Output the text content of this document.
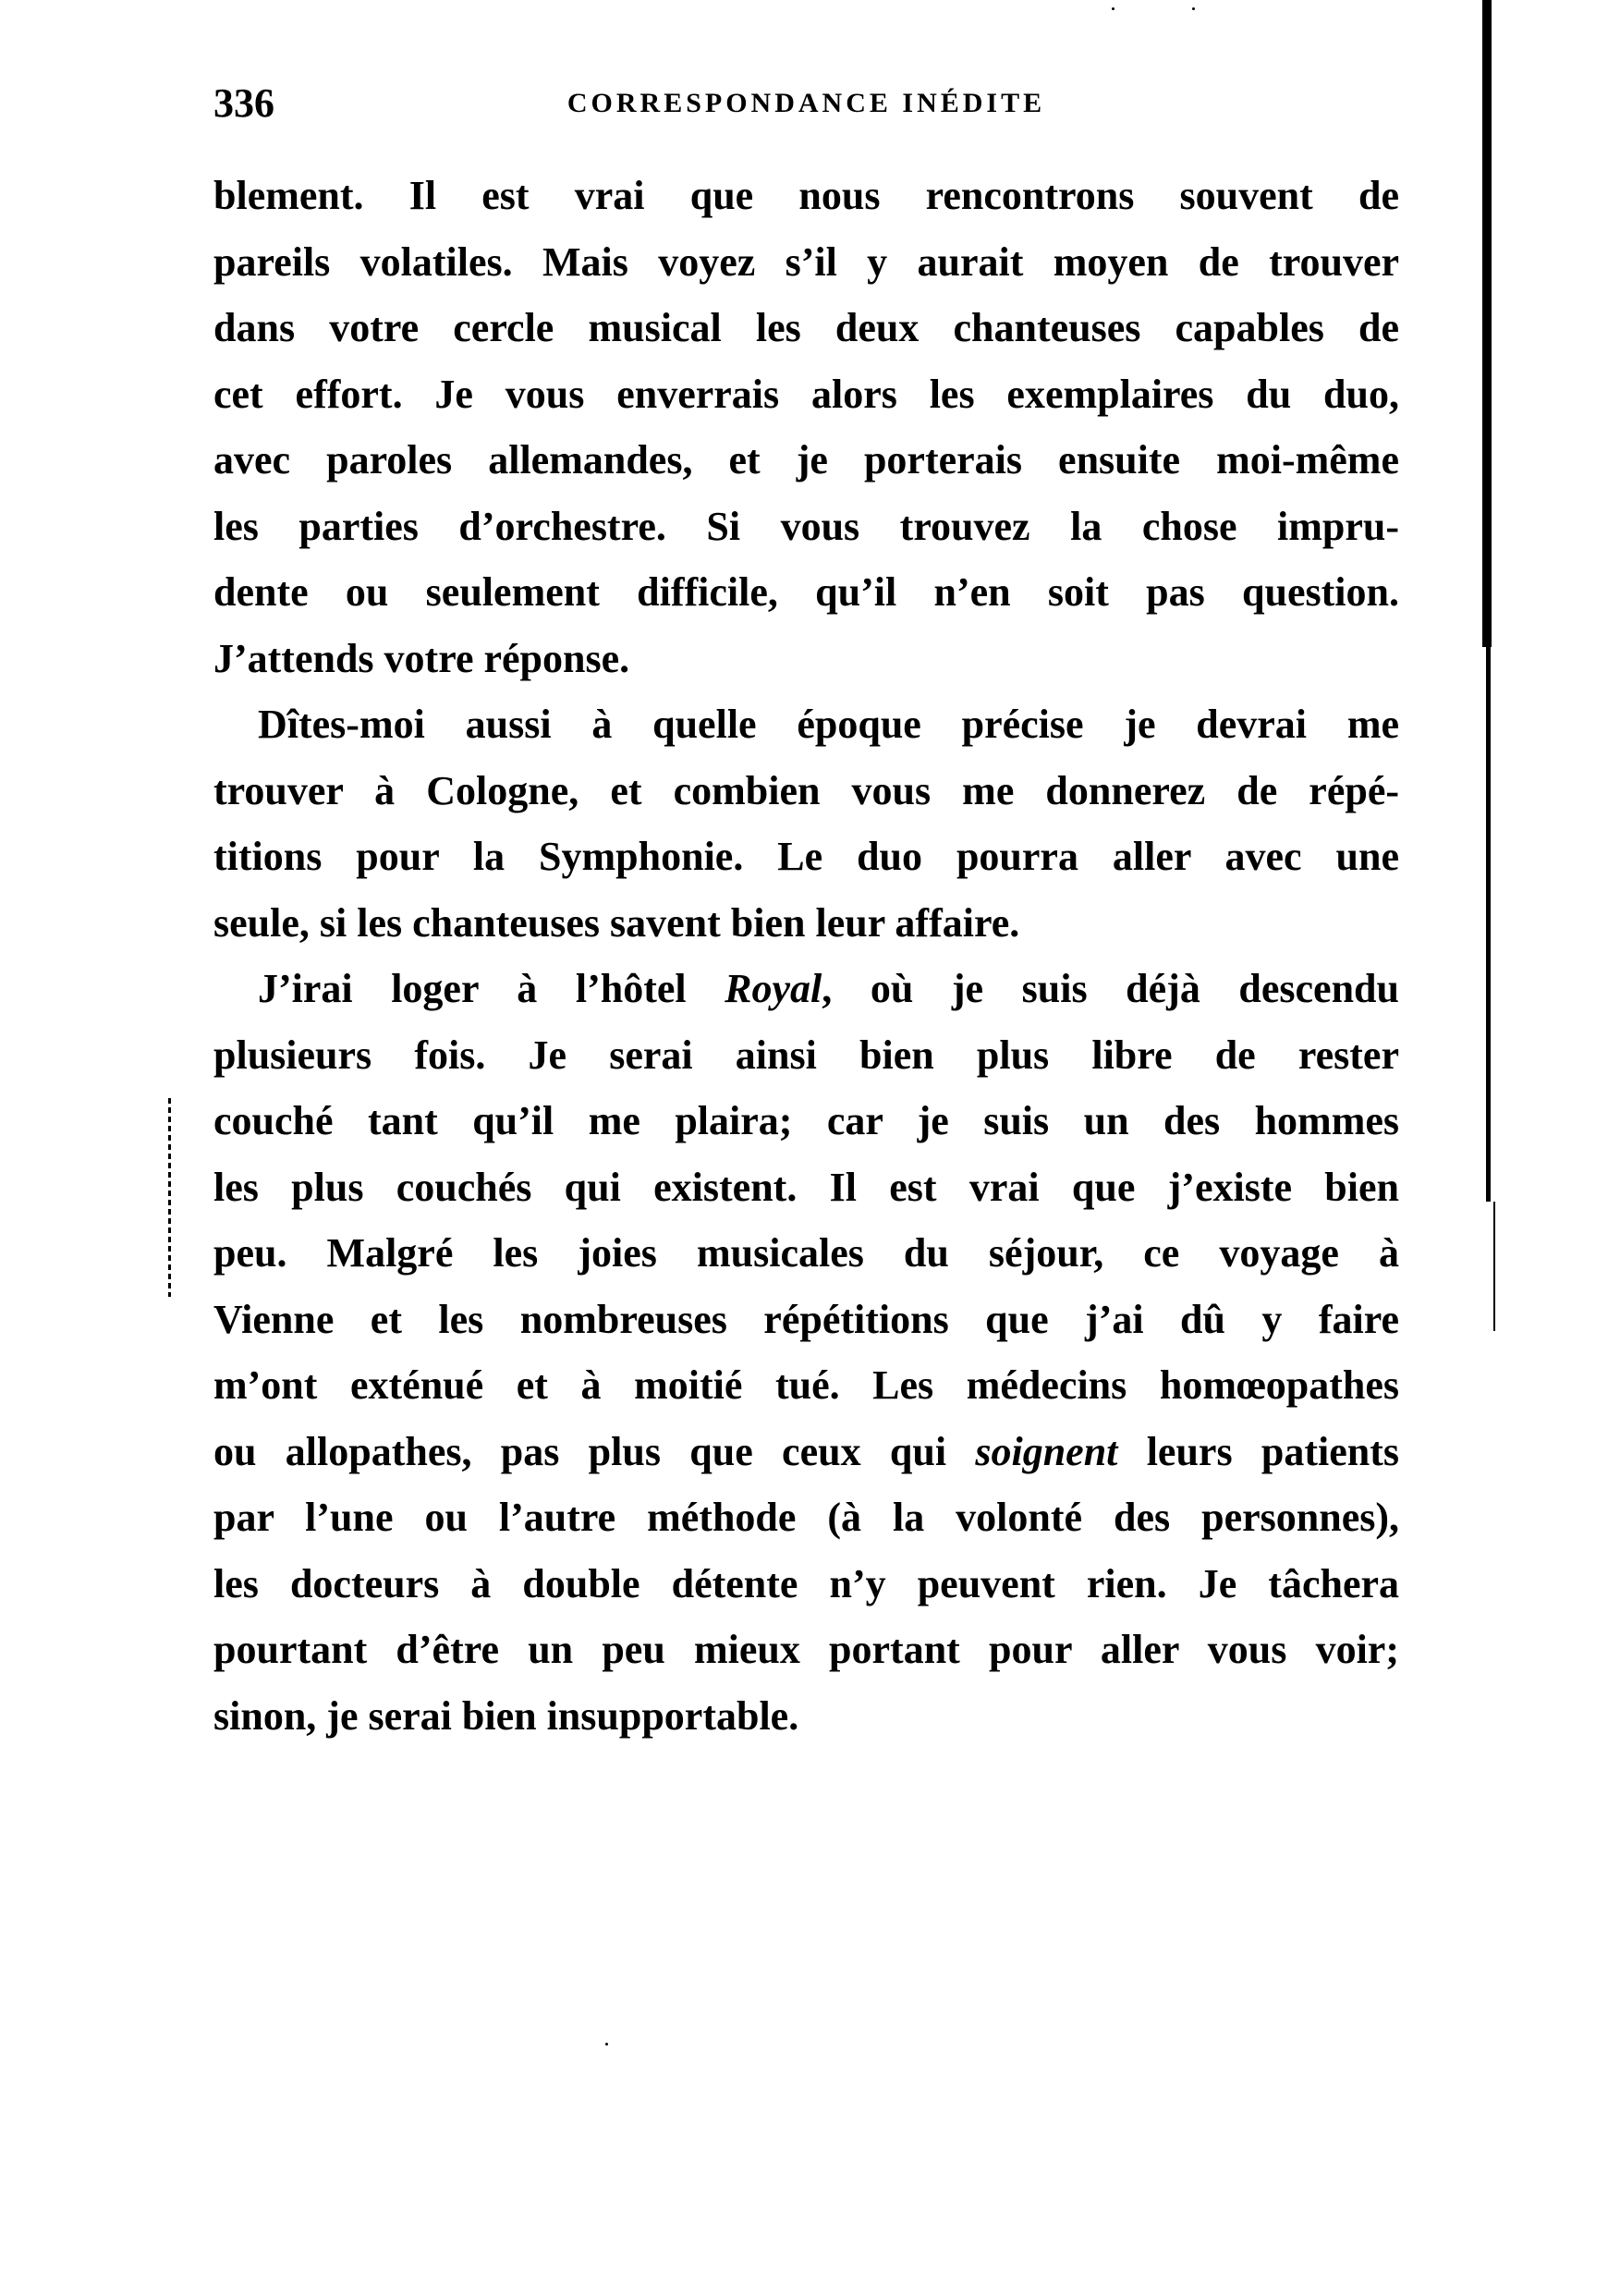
336	CORRESPONDANCE INÉDITE
blement. Il est vrai que nous rencontrons souvent de
pareils volatiles. Mais voyez s’il y aurait moyen de trouver
dans votre cercle musical les deux chanteuses capables de
cet effort. Je vous enverrais alors les exemplaires du duo,
avec paroles allemandes, et je porterais ensuite moi-même
les parties d’orchestre. Si vous trouvez la chose impru-
dente ou seulement difficile, qu’il n’en soit pas question.
J’attends votre réponse.
Dîtes-moi aussi à quelle époque précise je devrai me
trouver à Cologne, et combien vous me donnerez de répé-
titions pour la Symphonie. Le duo pourra aller avec une
seule, si les chanteuses savent bien leur affaire.
J’irai loger à l’hôtel Royal, où je suis déjà descendu
plusieurs fois. Je serai ainsi bien plus libre de rester
couché tant qu’il me plaira; car je suis un des hommes
les plus couchés qui existent. Il est vrai que j’existe bien
peu. Malgré les joies musicales du séjour, ce voyage à
Vienne et les nombreuses répétitions que j’ai dû y faire
m’ont exténué et à moitié tué. Les médecins homœopathes
ou allopathes, pas plus que ceux qui soignent leurs patients
par l’une ou l’autre méthode (à la volonté des personnes),
les docteurs à double détente n’y peuvent rien. Je tâchera
pourtant d’être un peu mieux portant pour aller vous voir;
sinon, je serai bien insupportable.
